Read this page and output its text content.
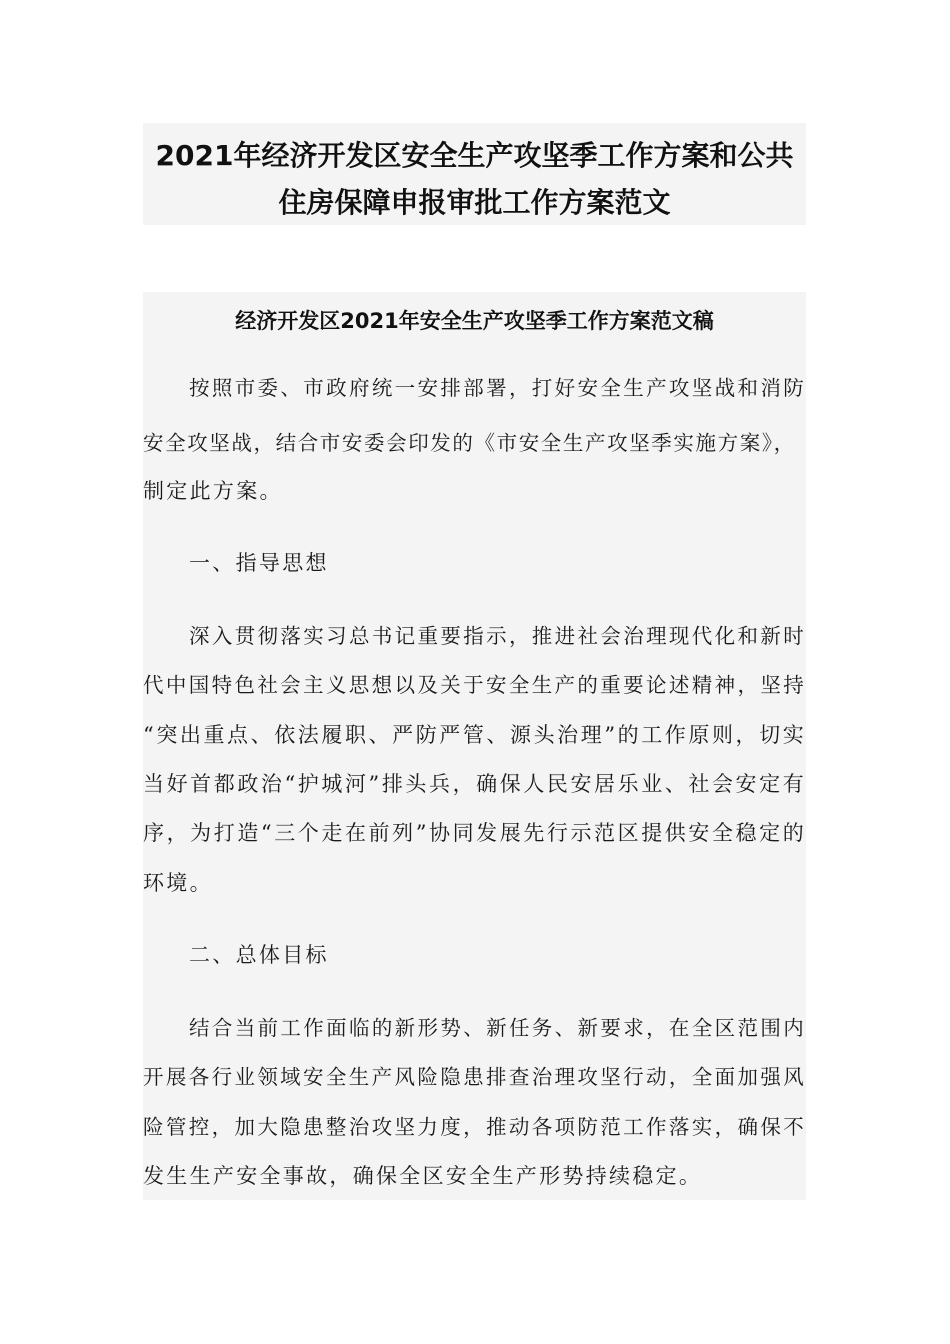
2021年经济开发区安全生产攻坚季工作方案和公共
住房保障申报审批工作方案范文
经济开发区2021年安全生产攻坚季工作方案范文稿
按照市委、市政府统一安排部署，打好安全生产攻坚战和消防
安全攻坚战，结合市安委会印发的《市安全生产攻坚季实施方案》，
制定此方案。
一、指导思想
深入贯彻落实习总书记重要指示，推进社会治理现代化和新时
代中国特色社会主义思想以及关于安全生产的重要论述精神，坚持
“突出重点、依法履职、严防严管、源头治理”的工作原则，切实
当好首都政治“护城河”排头兵，确保人民安居乐业、社会安定有
序，为打造“三个走在前列”协同发展先行示范区提供安全稳定的
环境。
二、总体目标
结合当前工作面临的新形势、新任务、新要求，在全区范围内
开展各行业领域安全生产风险隐患排查治理攻坚行动，全面加强风
险管控，加大隐患整治攻坚力度，推动各项防范工作落实，确保不
发生生产安全事故，确保全区安全生产形势持续稳定。
